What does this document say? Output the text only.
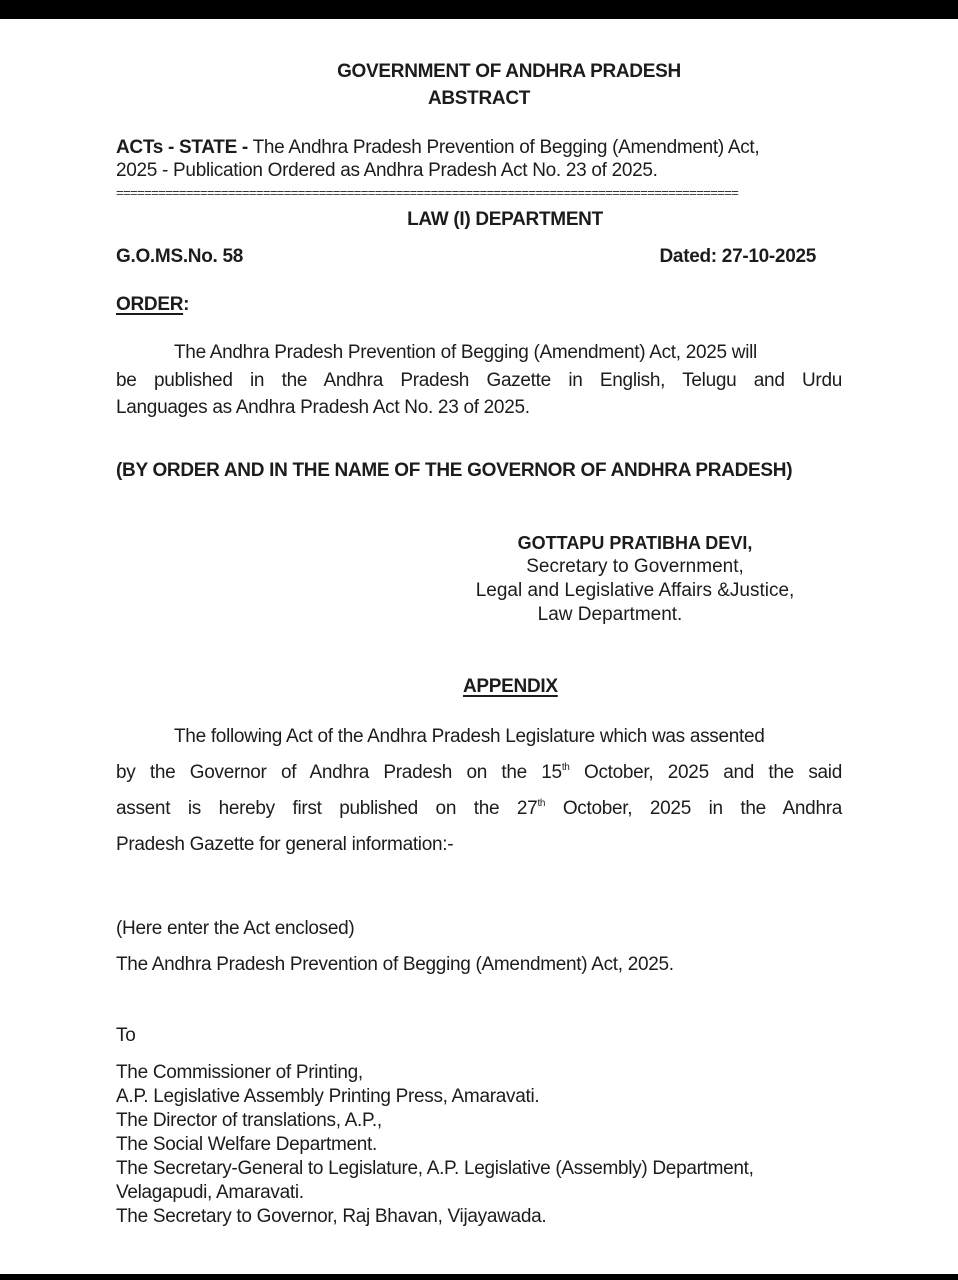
GOVERNMENT OF ANDHRA PRADESH
ABSTRACT
ACTs - STATE - The Andhra Pradesh Prevention of Begging (Amendment) Act,
2025 - Publication Ordered as Andhra Pradesh Act No. 23 of 2025.
=========================================================================================
LAW (I) DEPARTMENT
G.O.MS.No. 58	Dated: 27-10-2025
ORDER:
The Andhra Pradesh Prevention of Begging (Amendment) Act, 2025 will
be published in the Andhra Pradesh Gazette in English, Telugu and Urdu
Languages as Andhra Pradesh Act No. 23 of 2025.
(BY ORDER AND IN THE NAME OF THE GOVERNOR OF ANDHRA PRADESH)
GOTTAPU PRATIBHA DEVI,
Secretary to Government,
Legal and Legislative Affairs &Justice,
Law Department.
APPENDIX
The following Act of the Andhra Pradesh Legislature which was assented
by the Governor of Andhra Pradesh on the 15th October, 2025 and the said
assent is hereby first published on the 27th October, 2025 in the Andhra
Pradesh Gazette for general information:-
(Here enter the Act enclosed)
The Andhra Pradesh Prevention of Begging (Amendment) Act, 2025.
To
The Commissioner of Printing,
A.P. Legislative Assembly Printing Press, Amaravati.
The Director of translations, A.P.,
The Social Welfare Department.
The Secretary-General to Legislature, A.P. Legislative (Assembly) Department,
Velagapudi, Amaravati.
The Secretary to Governor, Raj Bhavan, Vijayawada.
